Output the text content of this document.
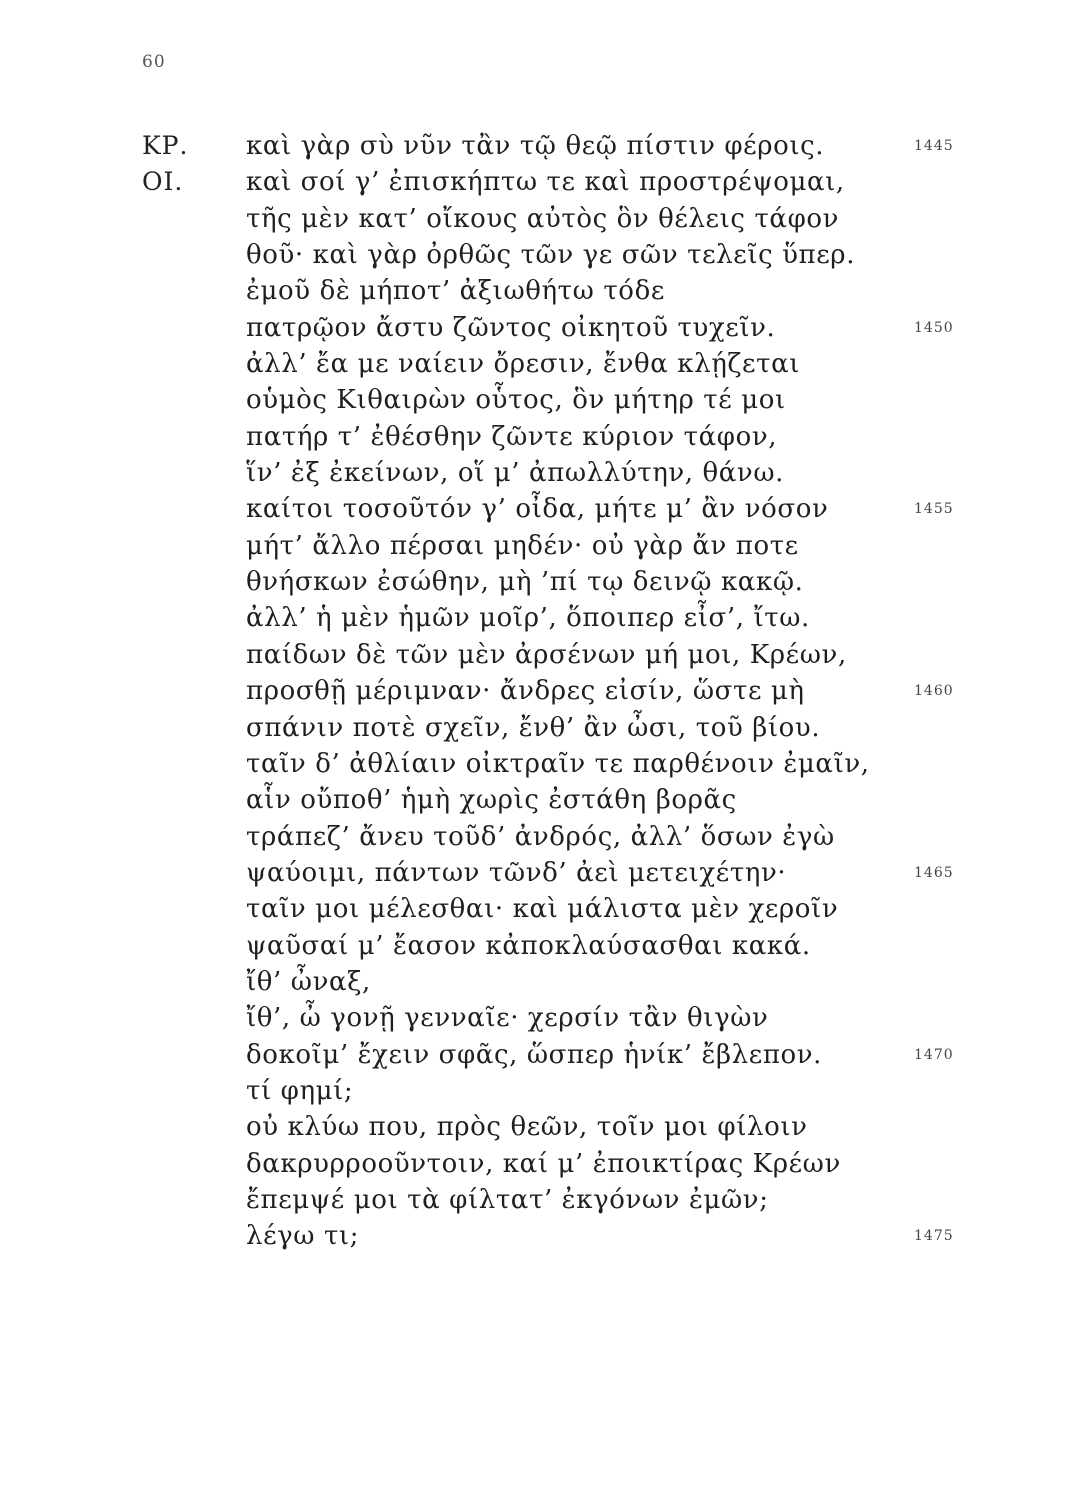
60
ΚΡ. καὶ γὰρ σὺ νῦν τἂν τῷ θεῷ πίστιν φέροις.	1445
ΟΙ. καὶ σοί γ’ ἐπισκήπτω τε καὶ προστρέψομαι,
τῆς μὲν κατ’ οἴκους αὐτὸς ὃν θέλεις τάφον
θοῦ· καὶ γὰρ ὀρθῶς τῶν γε σῶν τελεῖς ὕπερ.
ἐμοῦ δὲ μήποτ’ ἀξιωθήτω τόδε
πατρῷον ἄστυ ζῶντος οἰκητοῦ τυχεῖν.	1450
ἀλλ’ ἔα με ναίειν ὄρεσιν, ἔνθα κλῄζεται
οὑμὸς Κιθαιρὼν οὗτος, ὃν μήτηρ τέ μοι
πατήρ τ’ ἐθέσθην ζῶντε κύριον τάφον,
ἵν’ ἐξ ἐκείνων, οἵ μ’ ἀπωλλύτην, θάνω.
καίτοι τοσοῦτόν γ’ οἶδα, μήτε μ’ ἂν νόσον	1455
μήτ’ ἄλλο πέρσαι μηδέν· οὐ γὰρ ἄν ποτε
θνήσκων ἐσώθην, μὴ ’πί τῳ δεινῷ κακῷ.
ἀλλ’ ἡ μὲν ἡμῶν μοῖρ’, ὅποιπερ εἶσ’, ἴτω.
παίδων δὲ τῶν μὲν ἀρσένων μή μοι, Κρέων,
προσθῇ μέριμναν· ἄνδρες εἰσίν, ὥστε μὴ	1460
σπάνιν ποτὲ σχεῖν, ἔνθ’ ἂν ὦσι, τοῦ βίου.
ταῖν δ’ ἀθλίαιν οἰκτραῖν τε παρθένοιν ἐμαῖν,
αἷν οὔποθ’ ἡμὴ χωρὶς ἐστάθη βορᾶς
τράπεζ’ ἄνευ τοῦδ’ ἀνδρός, ἀλλ’ ὅσων ἐγὼ
ψαύοιμι, πάντων τῶνδ’ ἀεὶ μετειχέτην·	1465
ταῖν μοι μέλεσθαι· καὶ μάλιστα μὲν χεροῖν
ψαῦσαί μ’ ἔασον κἀποκλαύσασθαι κακά.
ἴθ’ ὦναξ,
ἴθ’, ὦ γονῇ γενναῖε· χερσίν τἂν θιγὼν
δοκοῖμ’ ἔχειν σφᾶς, ὥσπερ ἡνίκ’ ἔβλεπον.	1470
τί φημί;
οὐ κλύω που, πρὸς θεῶν, τοῖν μοι φίλοιν
δακρυρροοῦντοιν, καί μ’ ἐποικτίρας Κρέων
ἔπεμψέ μοι τὰ φίλτατ’ ἐκγόνων ἐμῶν;
λέγω τι;	1475
